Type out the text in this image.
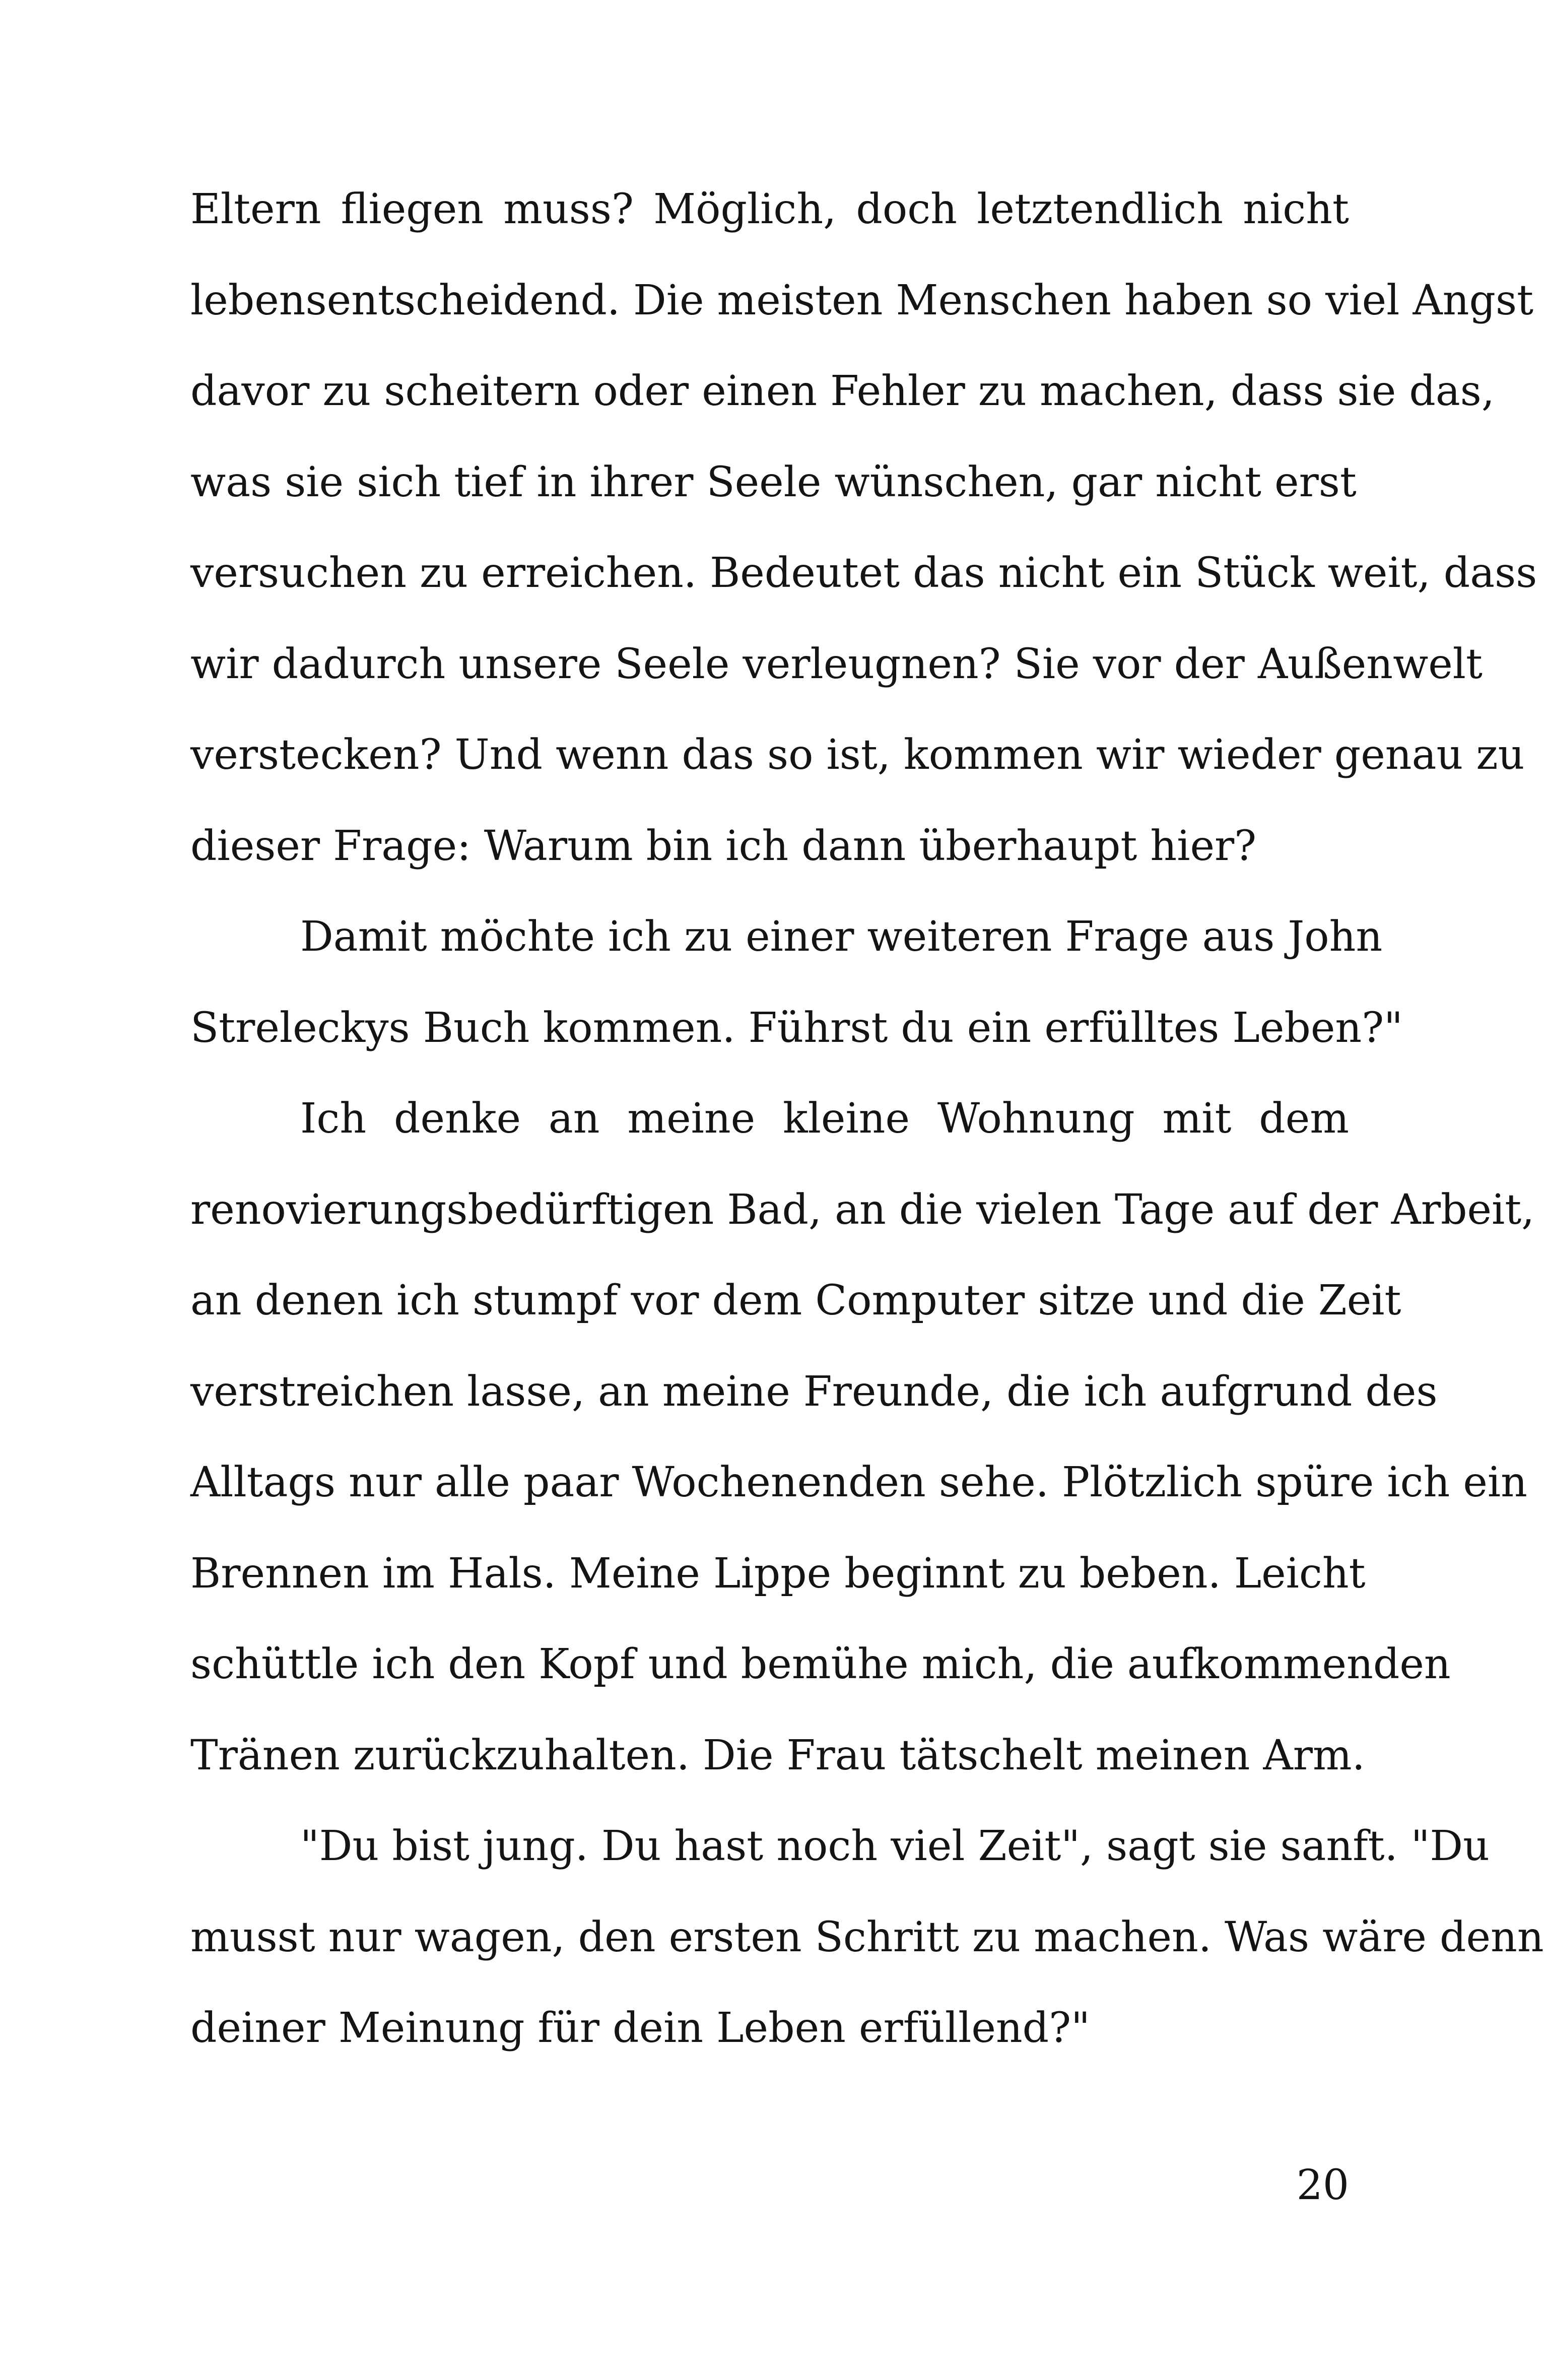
Eltern fliegen muss? Möglich, doch letztendlich nicht
lebensentscheidend. Die meisten Menschen haben so viel Angst
davor zu scheitern oder einen Fehler zu machen, dass sie das,
was sie sich tief in ihrer Seele wünschen, gar nicht erst
versuchen zu erreichen. Bedeutet das nicht ein Stück weit, dass
wir dadurch unsere Seele verleugnen? Sie vor der Außenwelt
verstecken? Und wenn das so ist, kommen wir wieder genau zu
dieser Frage: Warum bin ich dann überhaupt hier?
Damit möchte ich zu einer weiteren Frage aus John
Streleckys Buch kommen. Führst du ein erfülltes Leben?"
Ich denke an meine kleine Wohnung mit dem
renovierungsbedürftigen Bad, an die vielen Tage auf der Arbeit,
an denen ich stumpf vor dem Computer sitze und die Zeit
verstreichen lasse, an meine Freunde, die ich aufgrund des
Alltags nur alle paar Wochenenden sehe. Plötzlich spüre ich ein
Brennen im Hals. Meine Lippe beginnt zu beben. Leicht
schüttle ich den Kopf und bemühe mich, die aufkommenden
Tränen zurückzuhalten. Die Frau tätschelt meinen Arm.
"Du bist jung. Du hast noch viel Zeit", sagt sie sanft. "Du
musst nur wagen, den ersten Schritt zu machen. Was wäre denn
deiner Meinung für dein Leben erfüllend?"
20
